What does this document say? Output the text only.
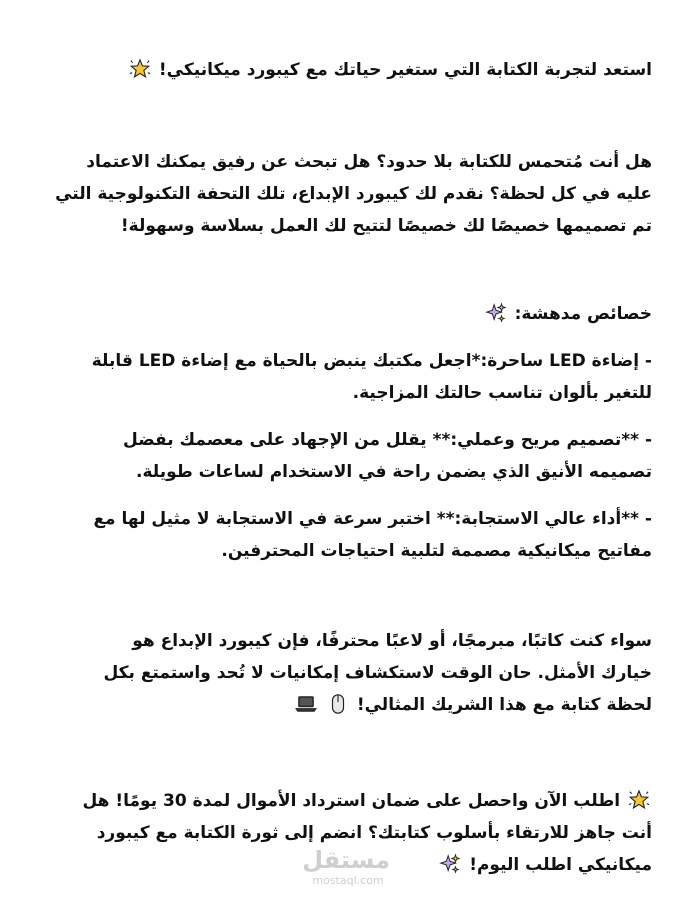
استعد لتجربة الكتابة التي ستغير حياتك مع كيبورد ميكانيكي!

هل أنت مُتحمس للكتابة بلا حدود؟ هل تبحث عن رفيق يمكنك الاعتماد
عليه في كل لحظة؟ نقدم لك كيبورد الإبداع، تلك التحفة التكنولوجية التي
تم تصميمها خصيصًا لك خصيصًا لتتيح لك العمل بسلاسة وسهولة!

خصائص مدهشة:

- إضاءة LED ساحرة:*اجعل مكتبك ينبض بالحياة مع إضاءة LED قابلة
للتغير بألوان تناسب حالتك المزاجية.

- **تصميم مريح وعملي:** يقلل من الإجهاد على معصمك بفضل
تصميمه الأنيق الذي يضمن راحة في الاستخدام لساعات طويلة.

- **أداء عالي الاستجابة:** اختبر سرعة في الاستجابة لا مثيل لها مع
مفاتيح ميكانيكية مصممة لتلبية احتياجات المحترفين.

سواء كنت كاتبًا، مبرمجًا، أو لاعبًا محترفًا، فإن كيبورد الإبداع هو
خيارك الأمثل. حان الوقت لاستكشاف إمكانيات لا تُحد واستمتع بكل
لحظة كتابة مع هذا الشريك المثالي!

اطلب الآن واحصل على ضمان استرداد الأموال لمدة 30 يومًا! هل
أنت جاهز للارتقاء بأسلوب كتابتك؟ انضم إلى ثورة الكتابة مع كيبورد
ميكانيكي اطلب اليوم!

مستقل
mostaql.com
